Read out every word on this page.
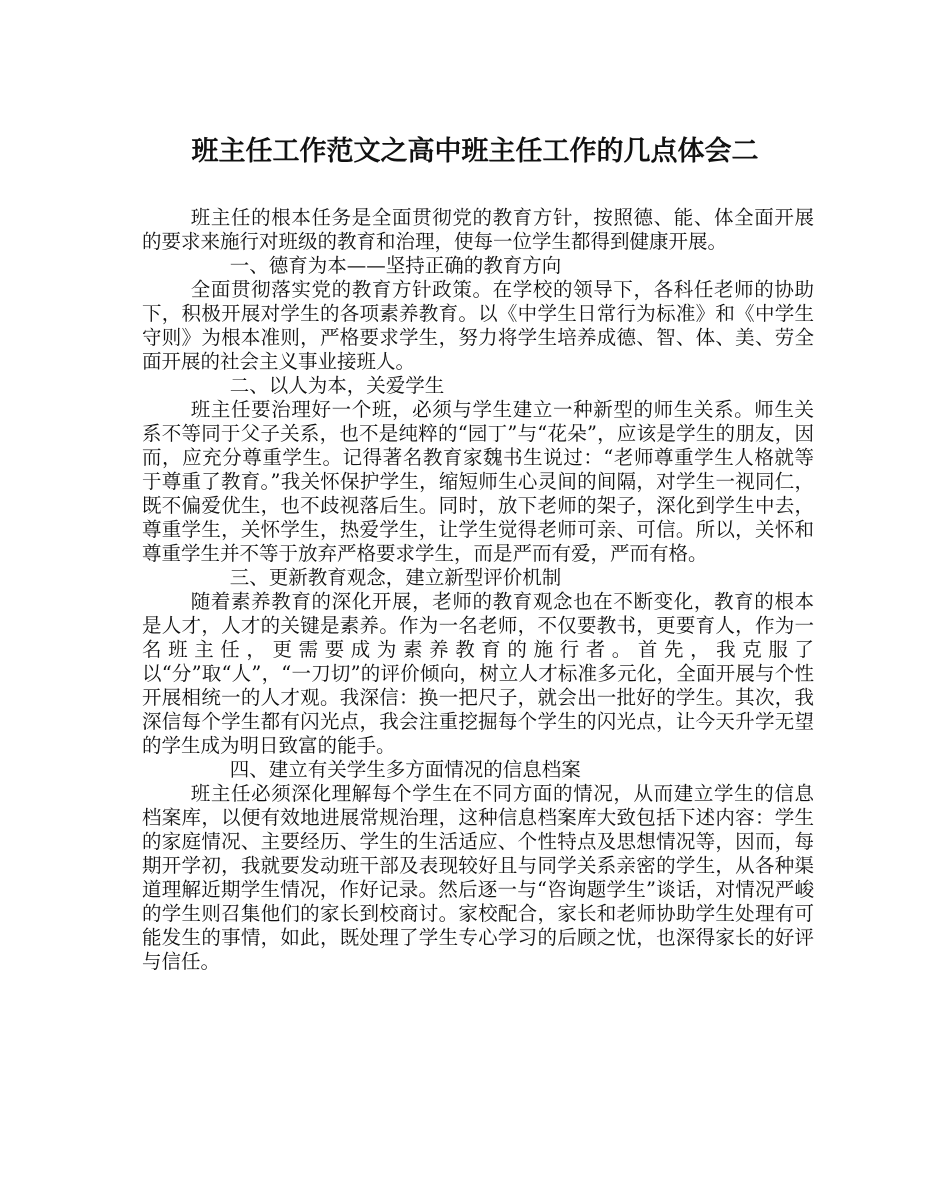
班主任工作范文之高中班主任工作的几点体会二

班主任的根本任务是全面贯彻党的教育方针，按照德、能、体全面开展的要求来施行对班级的教育和治理，使每一位学生都得到健康开展。

一、德育为本——坚持正确的教育方向

全面贯彻落实党的教育方针政策。在学校的领导下，各科任老师的协助下，积极开展对学生的各项素养教育。以《中学生日常行为标准》和《中学生守则》为根本准则，严格要求学生，努力将学生培养成德、智、体、美、劳全面开展的社会主义事业接班人。

二、以人为本，关爱学生

班主任要治理好一个班，必须与学生建立一种新型的师生关系。师生关系不等同于父子关系，也不是纯粹的“园丁”与“花朵”，应该是学生的朋友，因而，应充分尊重学生。记得著名教育家魏书生说过：“老师尊重学生人格就等于尊重了教育。”我关怀保护学生，缩短师生心灵间的间隔，对学生一视同仁，既不偏爱优生，也不歧视落后生。同时，放下老师的架子，深化到学生中去，尊重学生，关怀学生，热爱学生，让学生觉得老师可亲、可信。所以，关怀和尊重学生并不等于放弃严格要求学生，而是严而有爱，严而有格。

三、更新教育观念，建立新型评价机制

随着素养教育的深化开展，老师的教育观念也在不断变化，教育的根本是人才，人才的关键是素养。作为一名老师，不仅要教书，更要育人，作为一名班主任，更需要成为素养教育的施行者。首先，我克服了以“分”取“人”，“一刀切”的评价倾向，树立人才标准多元化，全面开展与个性开展相统一的人才观。我深信：换一把尺子，就会出一批好的学生。其次，我深信每个学生都有闪光点，我会注重挖掘每个学生的闪光点，让今天升学无望的学生成为明日致富的能手。

四、建立有关学生多方面情况的信息档案

班主任必须深化理解每个学生在不同方面的情况，从而建立学生的信息档案库，以便有效地进展常规治理，这种信息档案库大致包括下述内容：学生的家庭情况、主要经历、学生的生活适应、个性特点及思想情况等，因而，每期开学初，我就要发动班干部及表现较好且与同学关系亲密的学生，从各种渠道理解近期学生情况，作好记录。然后逐一与“咨询题学生”谈话，对情况严峻的学生则召集他们的家长到校商讨。家校配合，家长和老师协助学生处理有可能发生的事情，如此，既处理了学生专心学习的后顾之忧，也深得家长的好评与信任。
